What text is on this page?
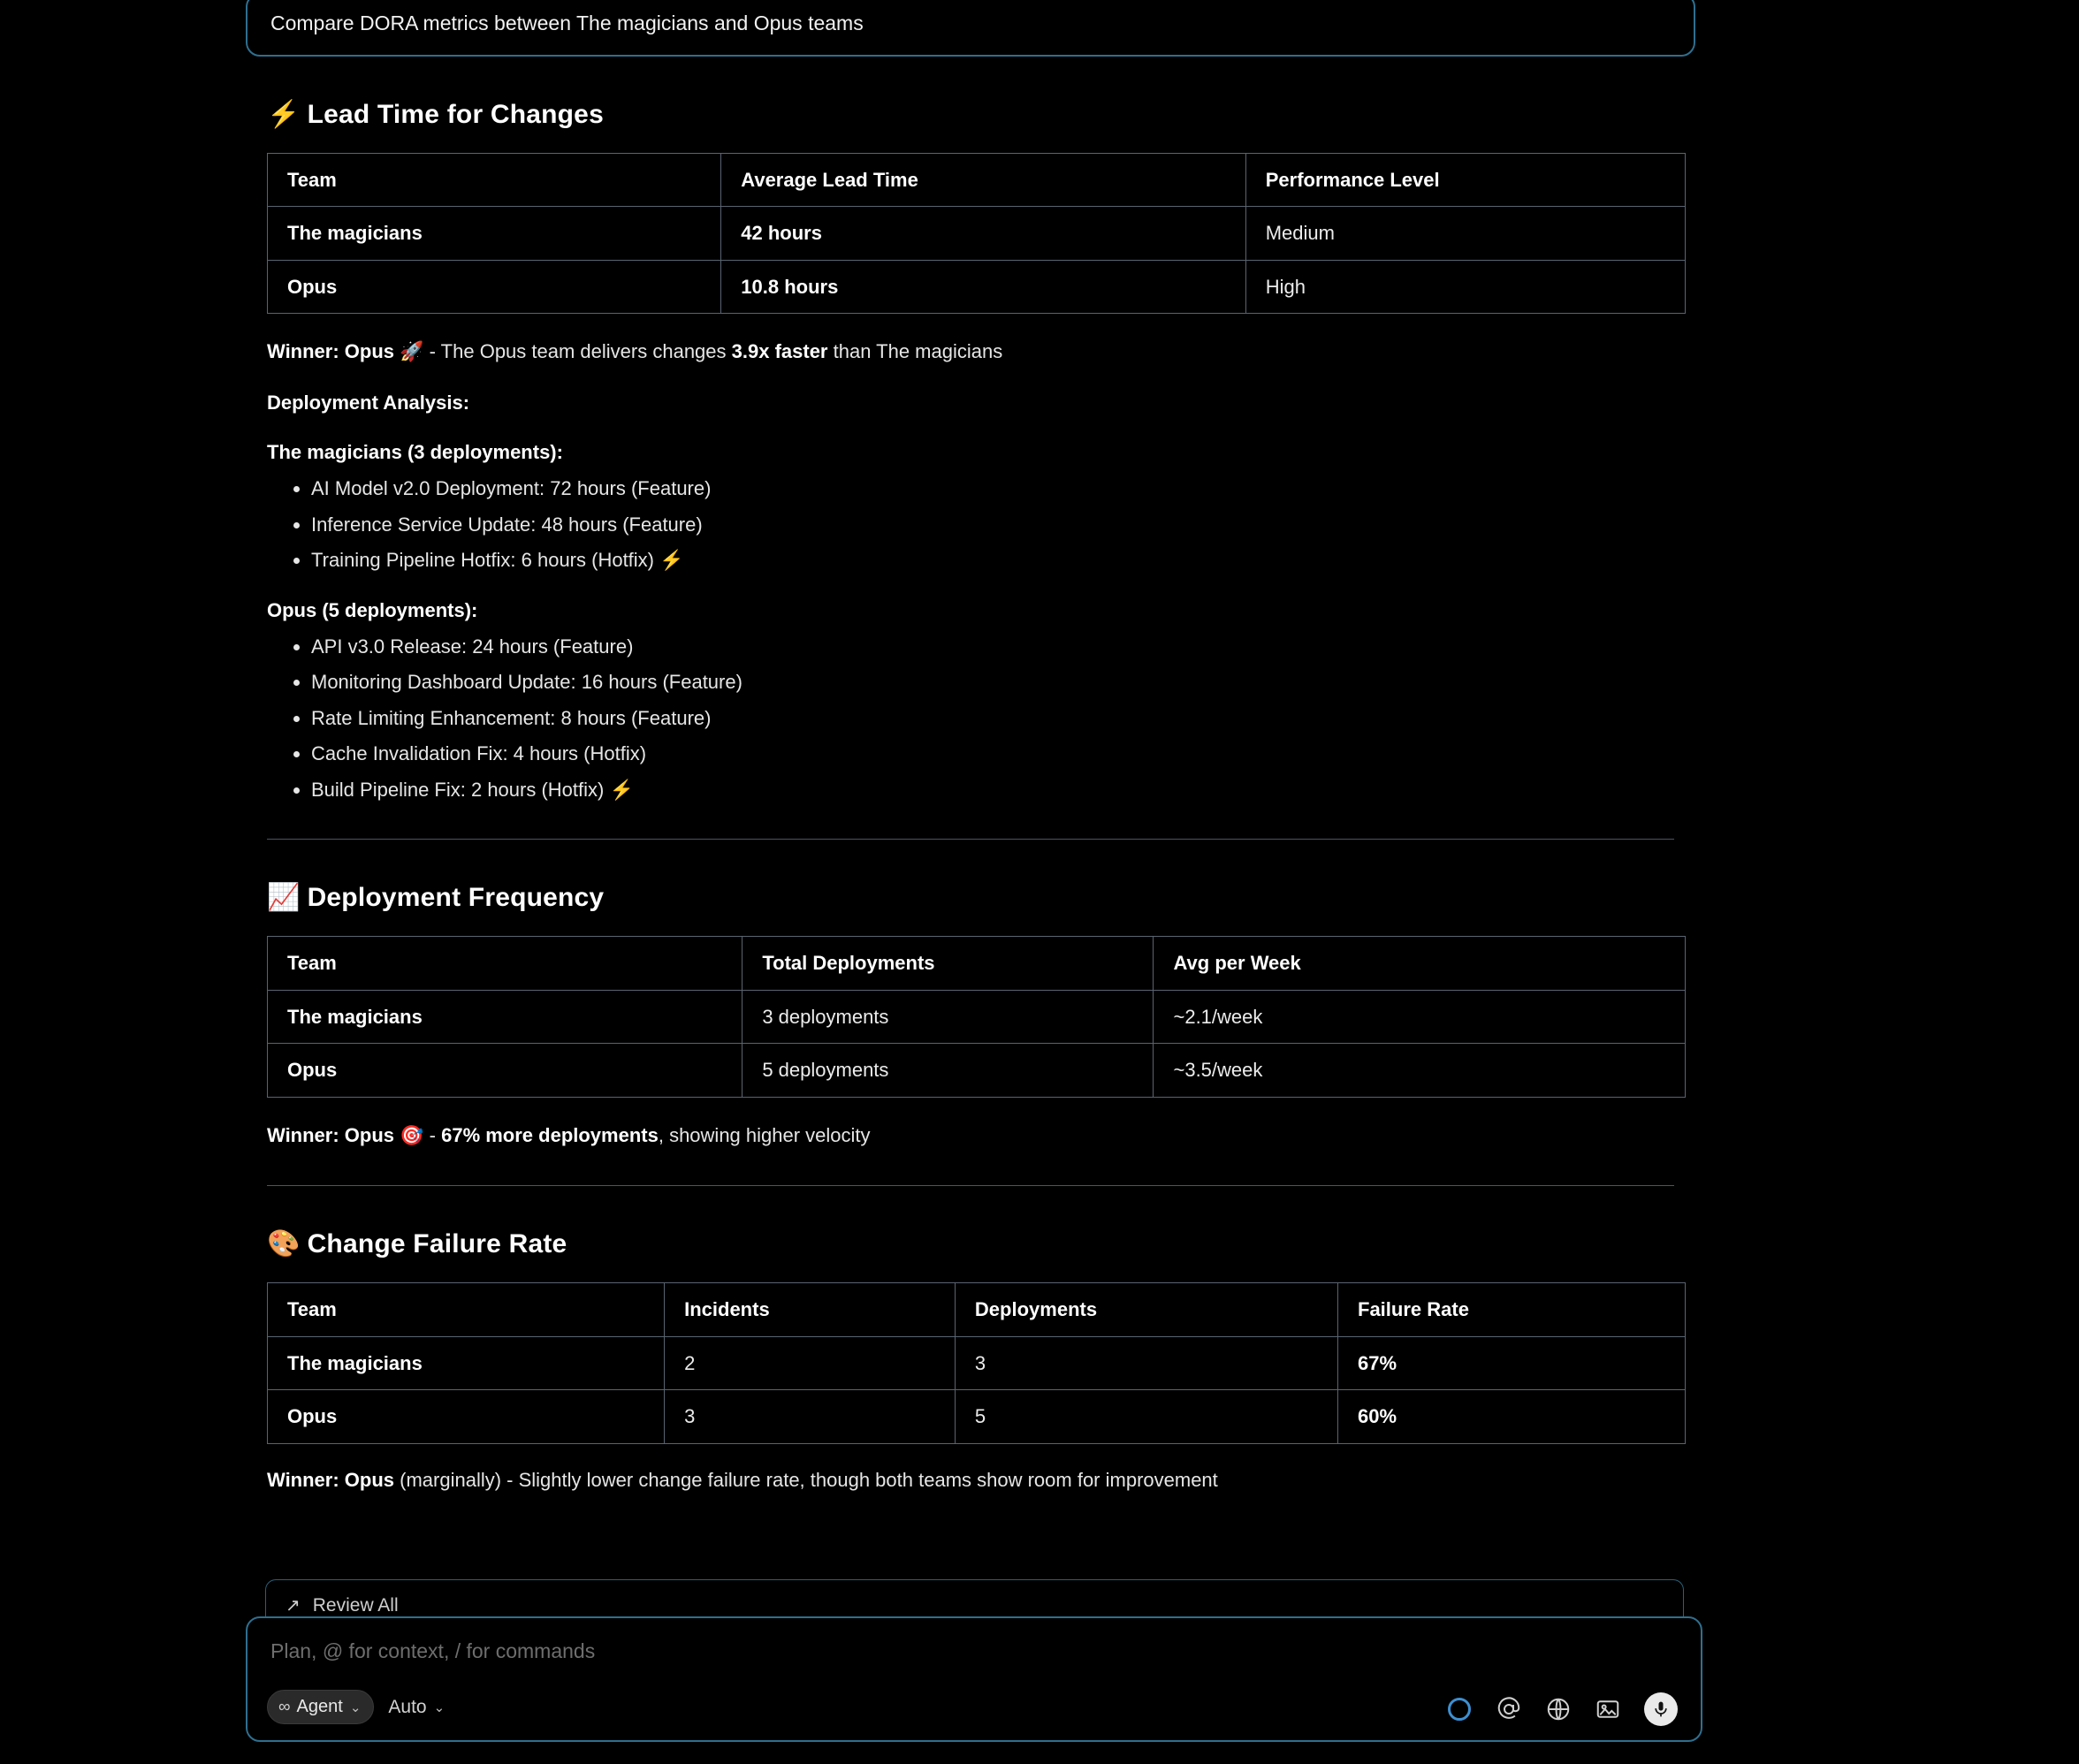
Compare DORA metrics between The magicians and Opus teams
⚡ Lead Time for Changes
Team	Average Lead Time	Performance Level
The magicians	42 hours	Medium
Opus	10.8 hours	High

Winner: Opus 🚀 - The Opus team delivers changes 3.9x faster than The magicians

Deployment Analysis:

The magicians (3 deployments):

• AI Model v2.0 Deployment: 72 hours (Feature)
• Inference Service Update: 48 hours (Feature)
• Training Pipeline Hotfix: 6 hours (Hotfix) ⚡

Opus (5 deployments):

• API v3.0 Release: 24 hours (Feature)
• Monitoring Dashboard Update: 16 hours (Feature)
• Rate Limiting Enhancement: 8 hours (Feature)
• Cache Invalidation Fix: 4 hours (Hotfix)
• Build Pipeline Fix: 2 hours (Hotfix) ⚡
📈 Deployment Frequency
Team	Total Deployments	Avg per Week
The magicians	3 deployments	~2.1/week
Opus	5 deployments	~3.5/week

Winner: Opus 🎯 - 67% more deployments, showing higher velocity

🎨 Change Failure Rate
Team	Incidents	Deployments	Failure Rate
The magicians	2	3	67%
Opus	3	5	60%

Winner: Opus (marginally) - Slightly lower change failure rate, though both teams show room for improvement

↗ Review All
Plan, @ for context, / for commands
∞ Agent ⌄ Auto ⌄
